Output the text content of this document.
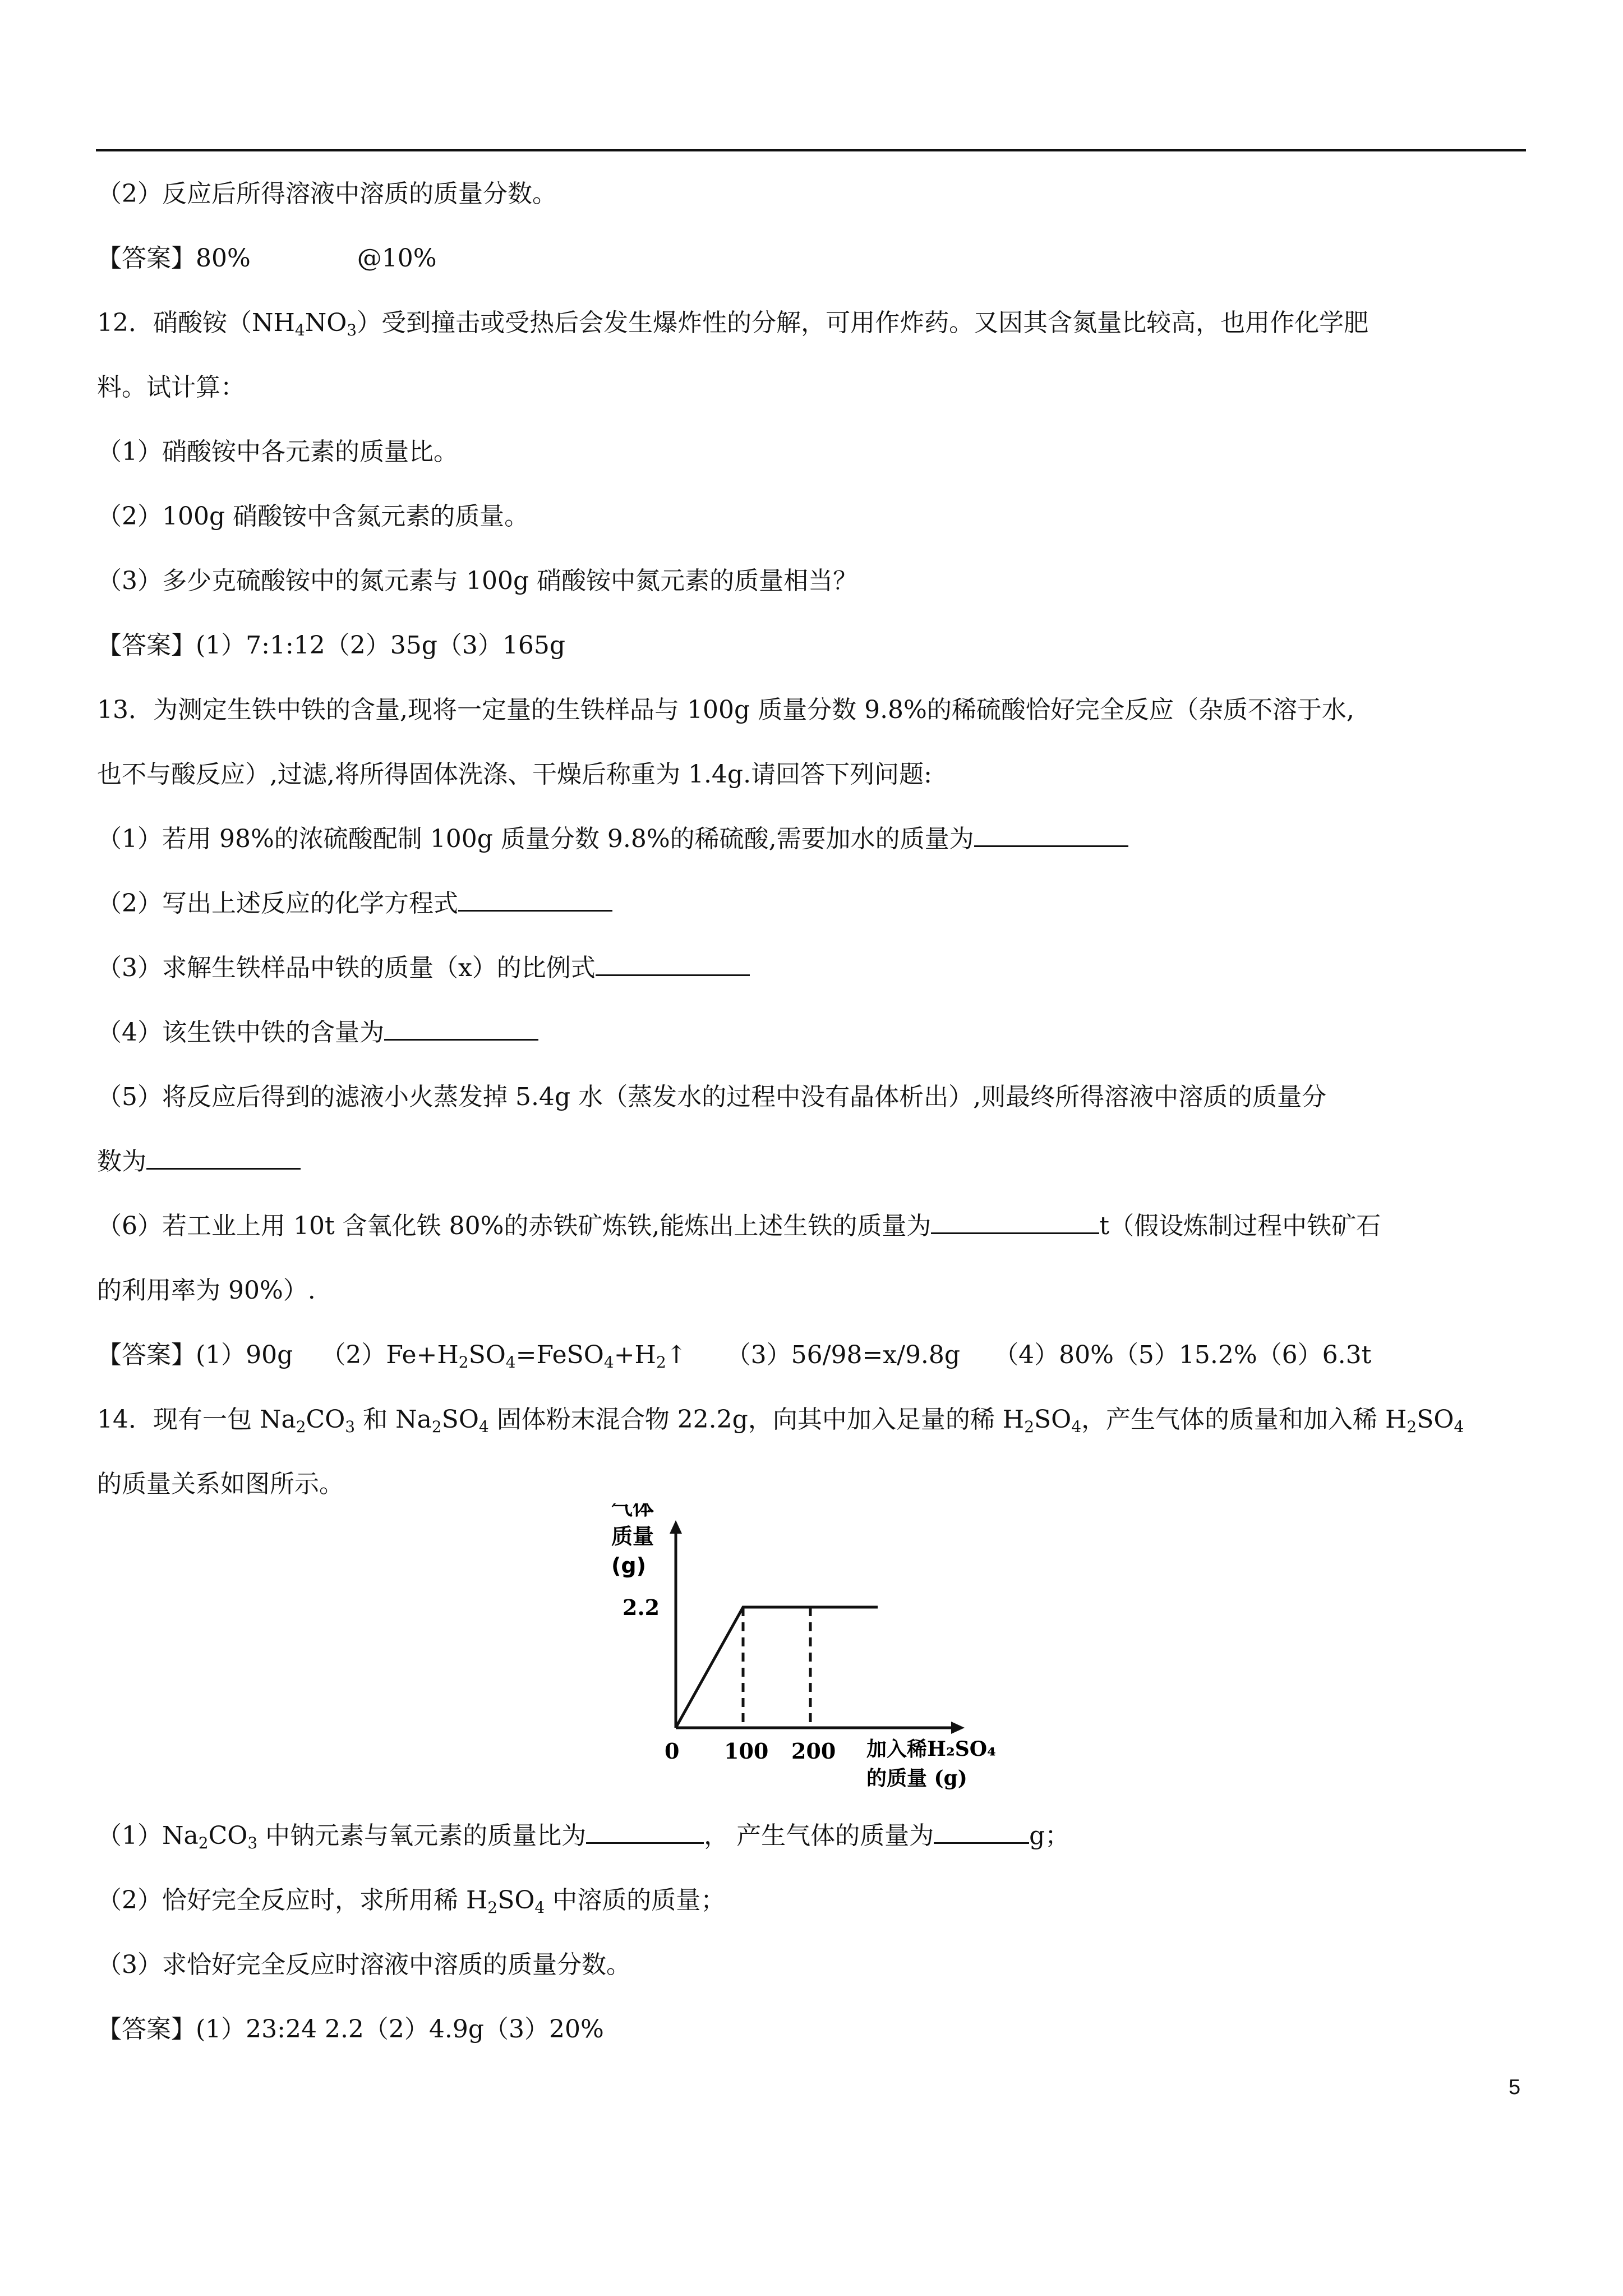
（2）反应后所得溶液中溶质的质量分数。
【答案】80%	@10%
12．硝酸铵$(NH_4NO_3)$受到撞击或受热后会发生爆炸性的分解，可用作炸药。又因其含氮量比较高，也用作化学肥
料。试计算：
（1）硝酸铵中各元素的质量比。
（2）100g 硝酸铵中含氮元素的质量。
（3）多少克硫酸铵中的氮元素与 100g 硝酸铵中氮元素的质量相当？
【答案】(1）7:1:12（2）35g（3）165g
13．为测定生铁中铁的含量,现将一定量的生铁样品与 100g 质量分数 9.8%的稀硫酸恰好完全反应（杂质不溶于水,
也不与酸反应）,过滤,将所得固体洗涤、干燥后称重为 1.4g.请回答下列问题:
（1）若用 98%的浓硫酸配制 100g 质量分数 9.8%的稀硫酸,需要加水的质量为
（2）写出上述反应的化学方程式
（3）求解生铁样品中铁的质量（x）的比例式
（4）该生铁中铁的含量为
（5）将反应后得到的滤液小火蒸发掉 5.4g 水（蒸发水的过程中没有晶体析出）,则最终所得溶液中溶质的质量分
数为
（6）若工业上用 10t 含氧化铁 80%的赤铁矿炼铁,能炼出上述生铁的质量为	t（假设炼制过程中铁矿石
的利用率为 90%）.
【答案】(1）90g $(2)Fe+H_2SO_4=FeSO_4+H_2↑$ （3）56/98=x/9.8g （4）80%（5）15.2%（6）6.3t
14．现有一包 $Na_2CO_3$ 和 $Na_2SO_4$ 固体粉末混合物 22.2g，向其中加入足量的稀 $H_2SO_4$，产生气体的质量和加入稀 $H_2SO_4$
的质量关系如图所示。
气体
质量
(g)
加入稀H₂SO₄
的质量 (g)
0 100 200
2.2
$(1)Na_2CO_3$ 中钠元素与氧元素的质量比为	， 产生气体的质量为	g；
（2）恰好完全反应时，求所用稀 $H_2SO_4$ 中溶质的质量；
（3）求恰好完全反应时溶液中溶质的质量分数。
【答案】(1）23:24 2.2（2）4.9g（3）20%
5
